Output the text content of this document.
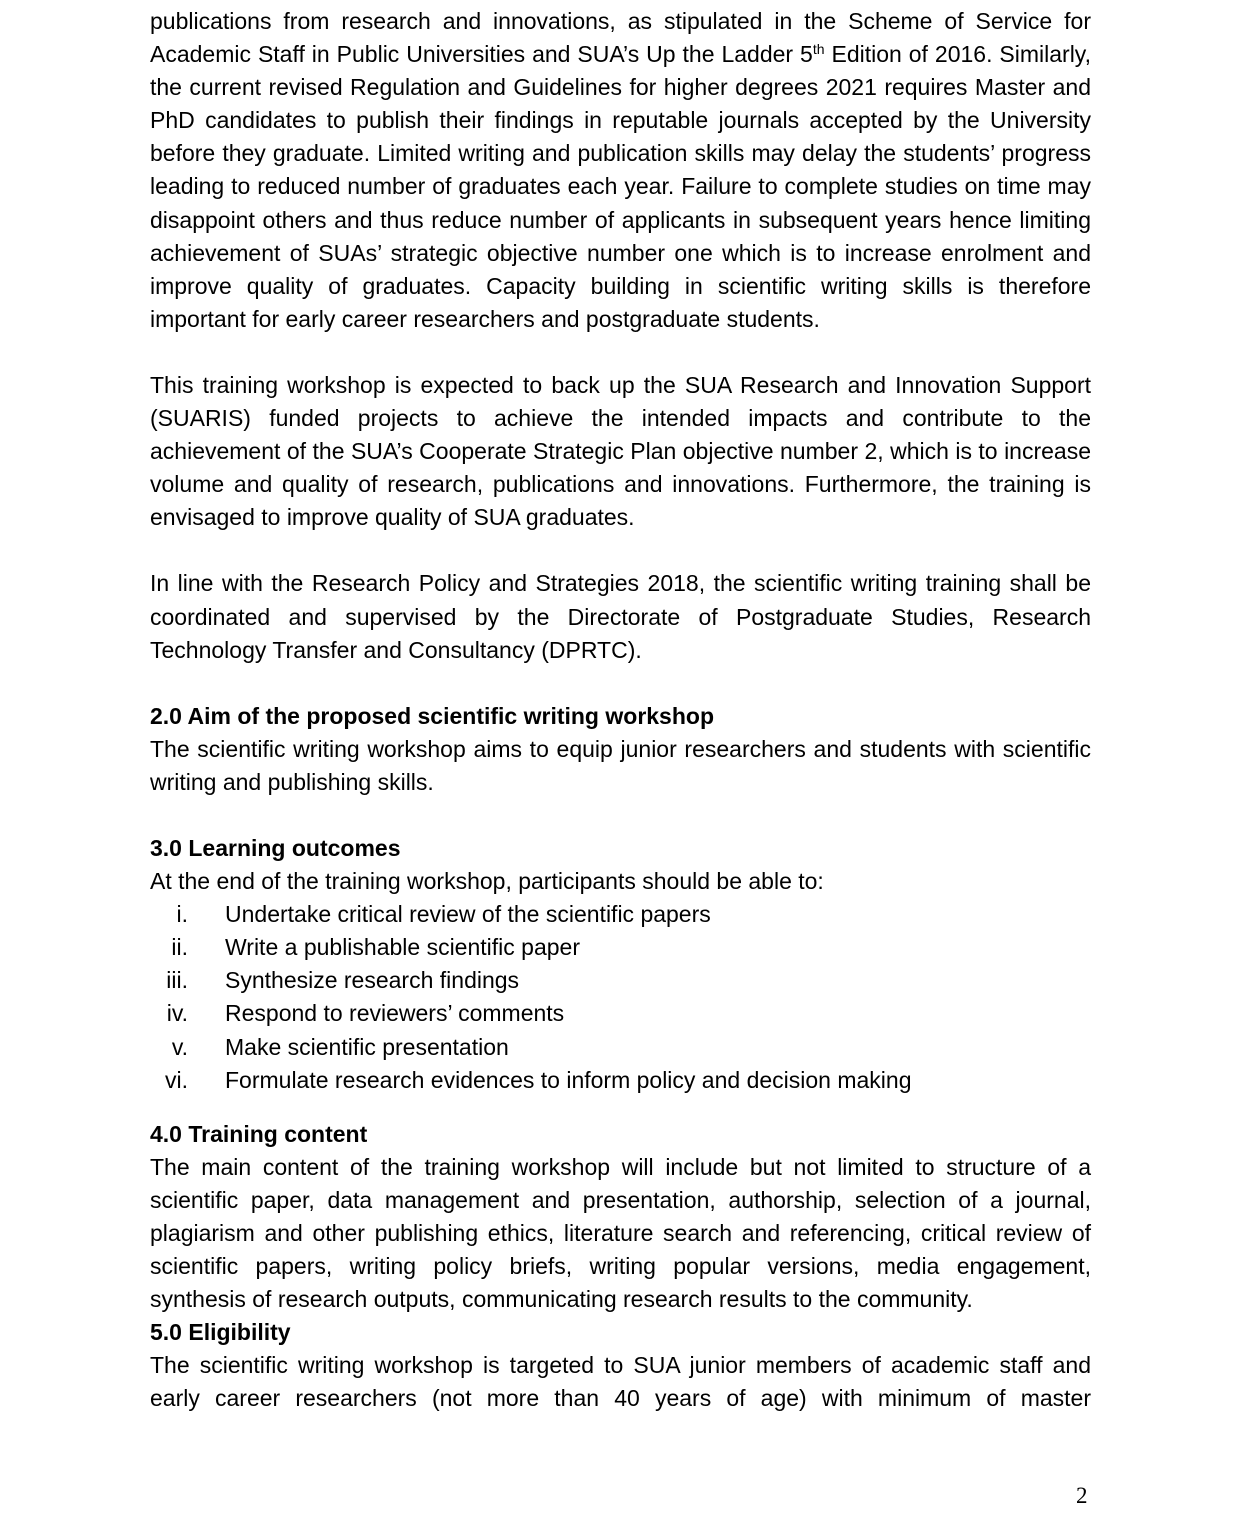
publications from research and innovations, as stipulated in the Scheme of Service for Academic Staff in Public Universities and SUA’s Up the Ladder 5th Edition of 2016. Similarly, the current revised Regulation and Guidelines for higher degrees 2021 requires Master and PhD candidates to publish their findings in reputable journals accepted by the University before they graduate. Limited writing and publication skills may delay the students’ progress leading to reduced number of graduates each year. Failure to complete studies on time may disappoint others and thus reduce number of applicants in subsequent years hence limiting achievement of SUAs’ strategic objective number one which is to increase enrolment and improve quality of graduates. Capacity building in scientific writing skills is therefore important for early career researchers and postgraduate students.

This training workshop is expected to back up the SUA Research and Innovation Support (SUARIS) funded projects to achieve the intended impacts and contribute to the achievement of the SUA’s Cooperate Strategic Plan objective number 2, which is to increase volume and quality of research, publications and innovations. Furthermore, the training is envisaged to improve quality of SUA graduates.

In line with the Research Policy and Strategies 2018, the scientific writing training shall be coordinated and supervised by the Directorate of Postgraduate Studies, Research Technology Transfer and Consultancy (DPRTC).

2.0 Aim of the proposed scientific writing workshop

The scientific writing workshop aims to equip junior researchers and students with scientific writing and publishing skills.

3.0 Learning outcomes

At the end of the training workshop, participants should be able to:

i. Undertake critical review of the scientific papers
ii. Write a publishable scientific paper
iii. Synthesize research findings
iv. Respond to reviewers’ comments
v. Make scientific presentation
vi. Formulate research evidences to inform policy and decision making
4.0 Training content

The main content of the training workshop will include but not limited to structure of a scientific paper, data management and presentation, authorship, selection of a journal, plagiarism and other publishing ethics, literature search and referencing, critical review of scientific papers, writing policy briefs, writing popular versions, media engagement, synthesis of research outputs, communicating research results to the community.

5.0 Eligibility

The scientific writing workshop is targeted to SUA junior members of academic staff and early career researchers (not more than 40 years of age) with minimum of master

2
